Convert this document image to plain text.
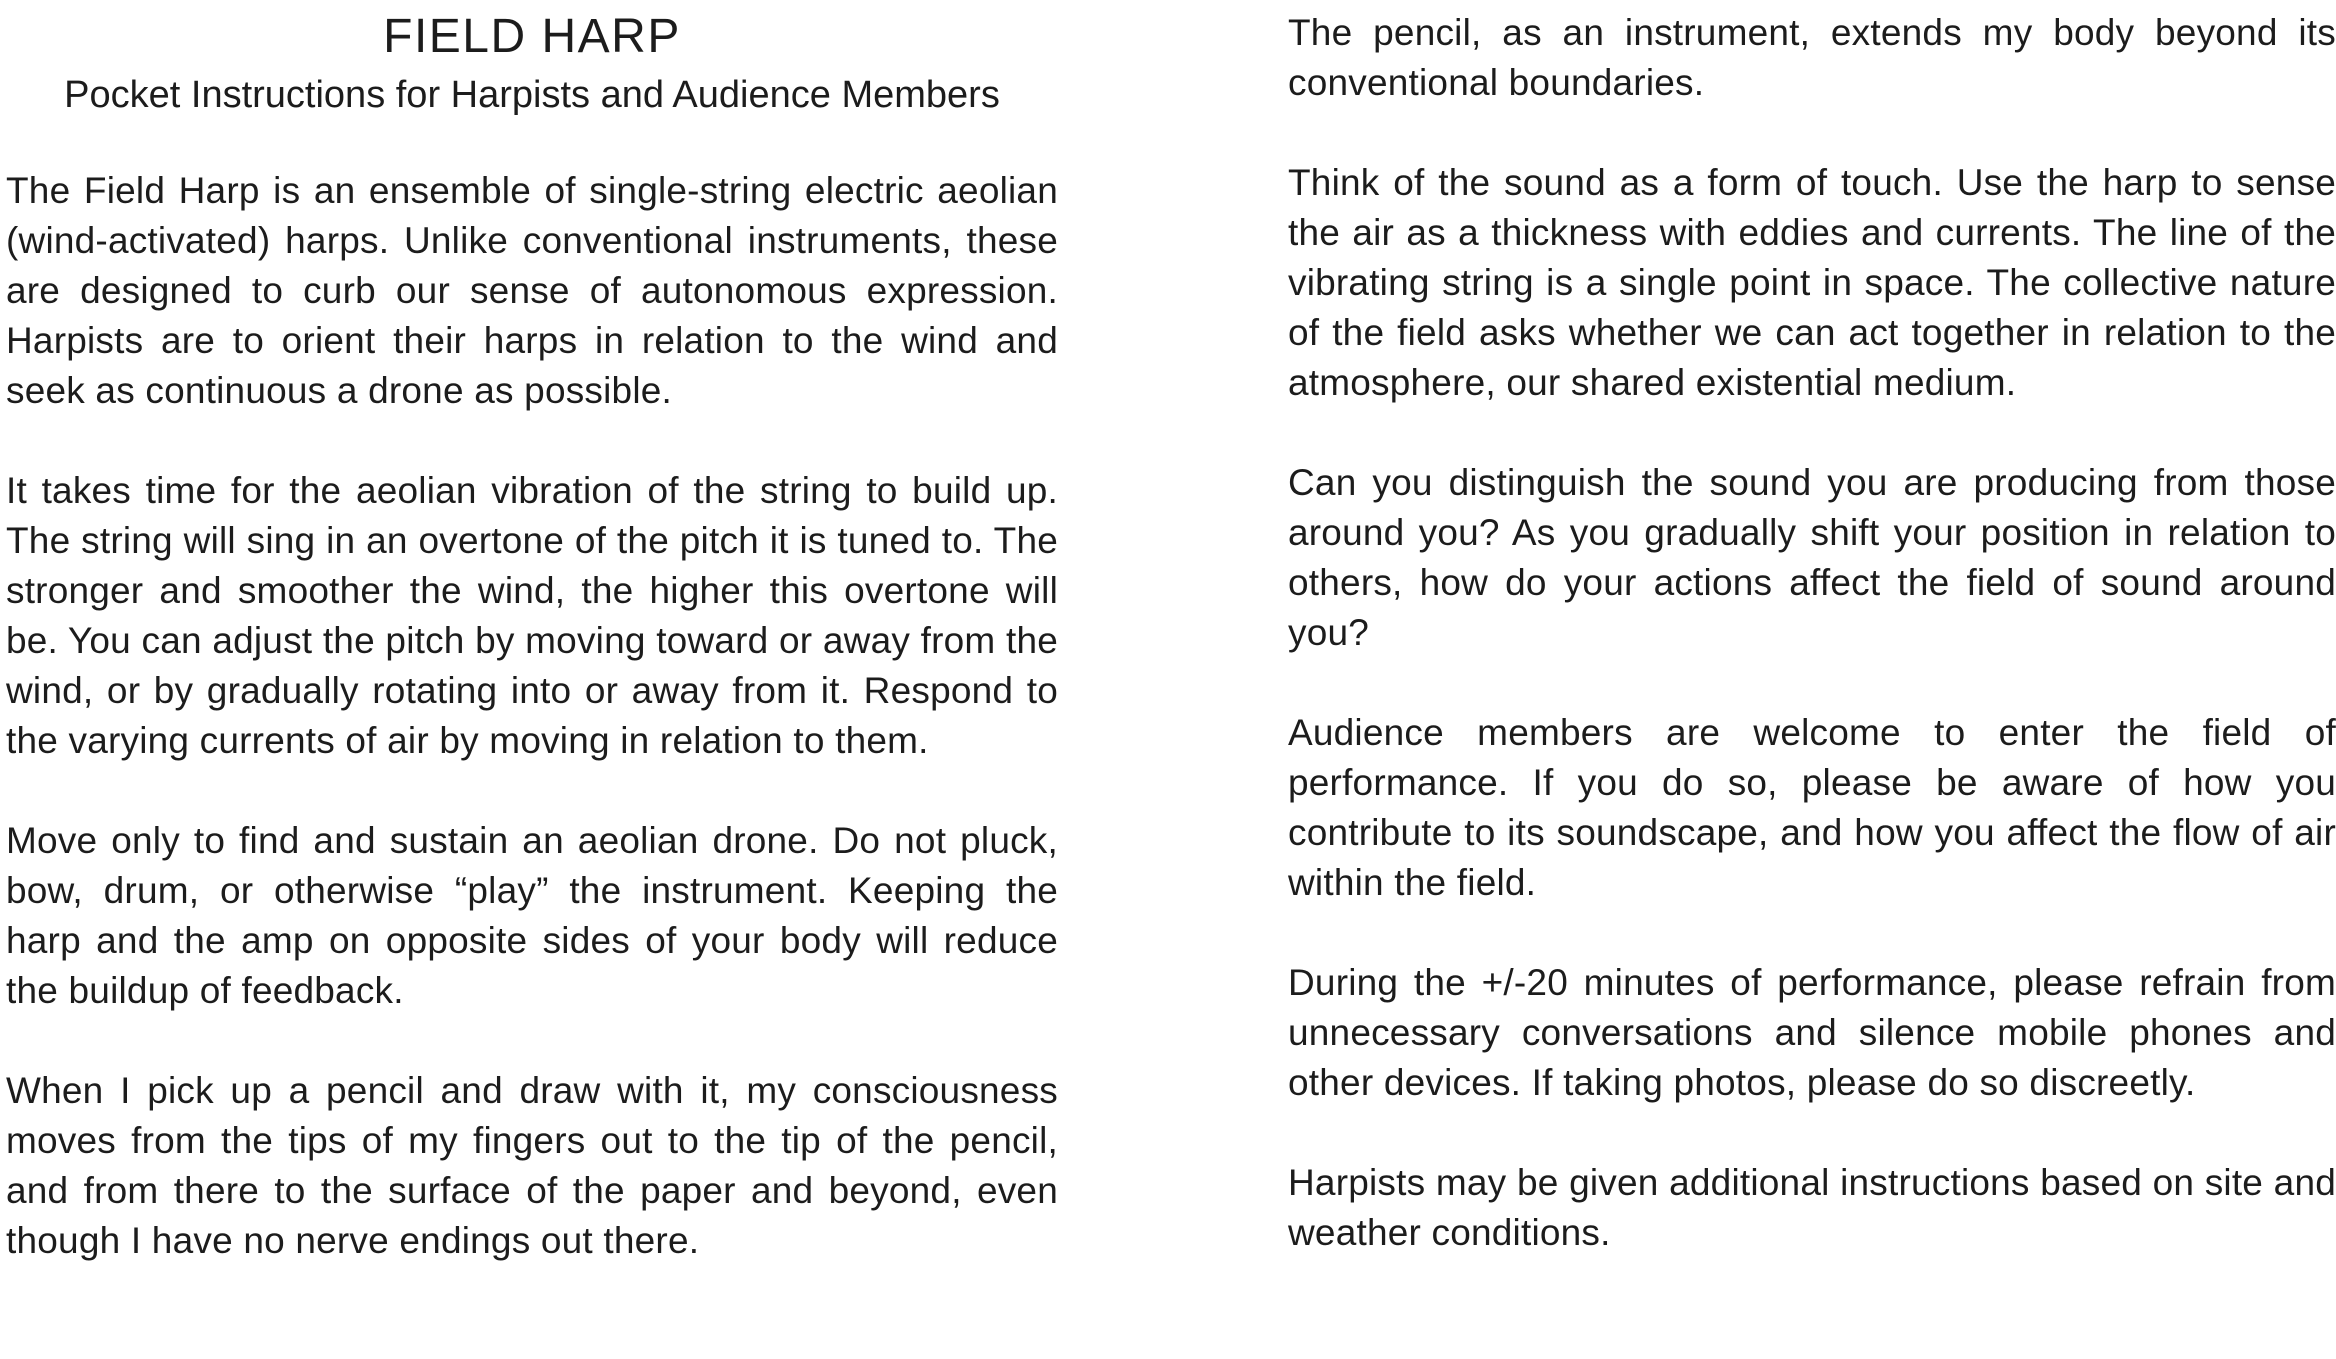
FIELD HARP
Pocket Instructions for Harpists and Audience Members

The Field Harp is an ensemble of single-string electric aeolian (wind-activated) harps. Unlike conventional instruments, these are designed to curb our sense of autonomous expression. Harpists are to orient their harps in relation to the wind and seek as continuous a drone as possible.

It takes time for the aeolian vibration of the string to build up. The string will sing in an overtone of the pitch it is tuned to. The stronger and smoother the wind, the higher this overtone will be. You can adjust the pitch by moving toward or away from the wind, or by gradually rotating into or away from it. Respond to the varying currents of air by moving in relation to them.

Move only to find and sustain an aeolian drone. Do not pluck, bow, drum, or otherwise “play” the instrument. Keeping the harp and the amp on opposite sides of your body will reduce the buildup of feedback.

When I pick up a pencil and draw with it, my consciousness moves from the tips of my fingers out to the tip of the pencil, and from there to the surface of the paper and beyond, even though I have no nerve endings out there.

The pencil, as an instrument, extends my body beyond its conventional boundaries.

Think of the sound as a form of touch. Use the harp to sense the air as a thickness with eddies and currents. The line of the vibrating string is a single point in space. The collective nature of the field asks whether we can act together in relation to the atmosphere, our shared existential medium.

Can you distinguish the sound you are producing from those around you? As you gradually shift your position in relation to others, how do your actions affect the field of sound around you?

Audience members are welcome to enter the field of performance. If you do so, please be aware of how you contribute to its soundscape, and how you affect the flow of air within the field.

During the +/-20 minutes of performance, please refrain from unnecessary conversations and silence mobile phones and other devices. If taking photos, please do so discreetly.

Harpists may be given additional instructions based on site and weather conditions.
